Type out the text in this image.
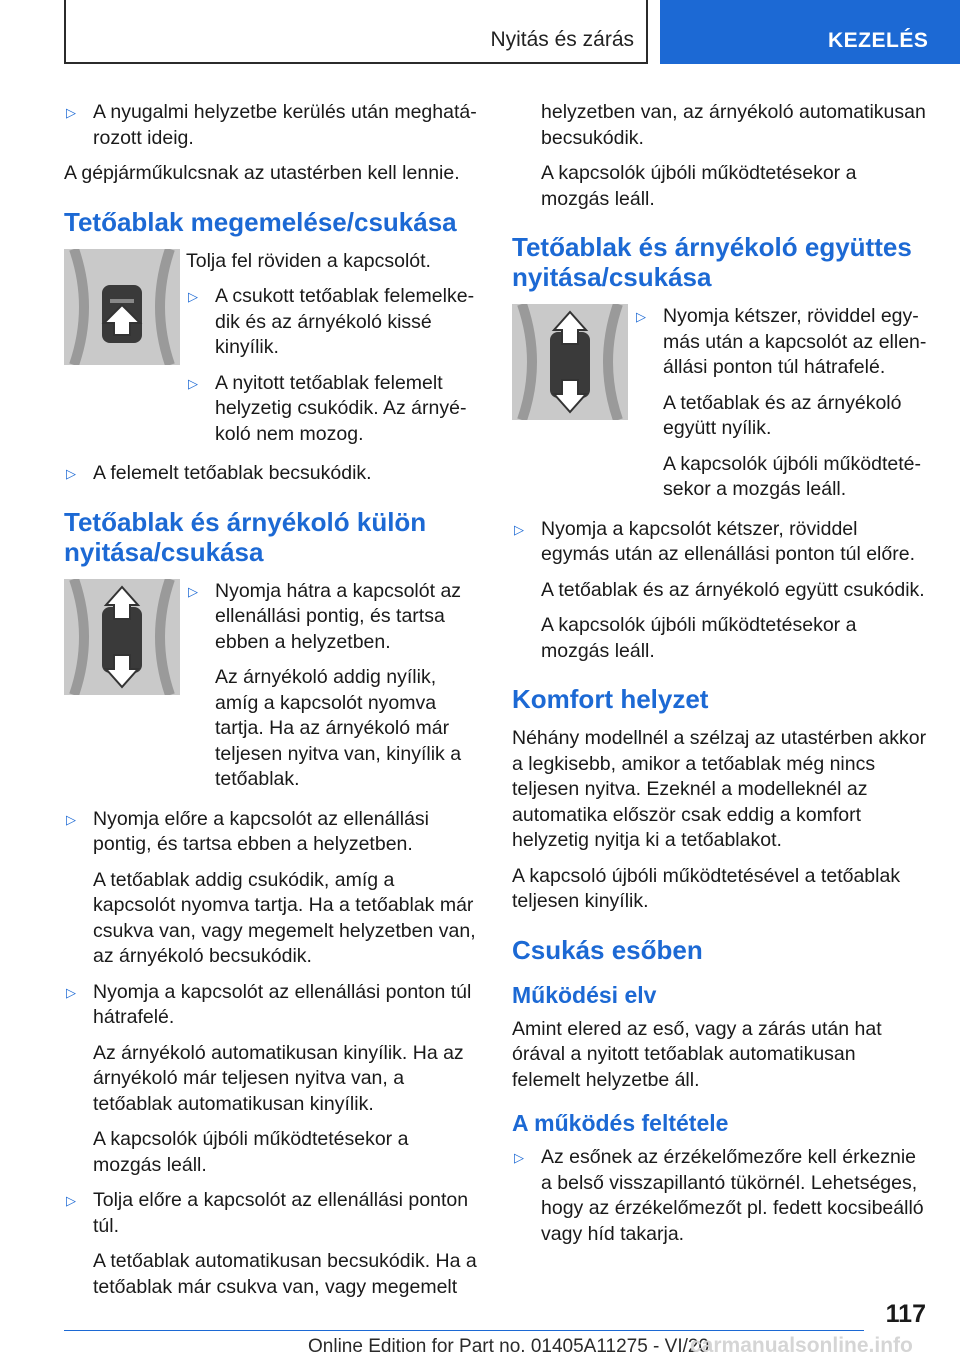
Nyitás és zárás	KEZELÉS
▷ A nyugalmi helyzetbe kerülés után meghatározott ideig.

A gépjárműkulcsnak az utastérben kell lennie.

Tetőablak megemelése/csukása

Tolja fel röviden a kapcsolót.

▷ A csukott tetőablak felemelkedik és az árnyékoló kissé kinyílik.

▷ A nyitott tetőablak felemelt helyzetig csukódik. Az árnyékoló nem mozog.

▷ A felemelt tetőablak becsukódik.

Tetőablak és árnyékoló külön nyitása/csukása
▷ Nyomja hátra a kapcsolót az ellenállási pontig, és tartsa ebben a helyzetben.

Az árnyékoló addig nyílik, amíg a kapcsolót nyomva tartja. Ha az árnyékoló már teljesen nyitva van, kinyílik a tetőablak.

▷ Nyomja előre a kapcsolót az ellenállási pontig, és tartsa ebben a helyzetben.

A tetőablak addig csukódik, amíg a kapcsolót nyomva tartja. Ha a tetőablak már csukva van, vagy megemelt helyzetben van, az árnyékoló becsukódik.

▷ Nyomja a kapcsolót az ellenállási ponton túl hátrafelé.

Az árnyékoló automatikusan kinyílik. Ha az árnyékoló már teljesen nyitva van, a tetőablak automatikusan kinyílik.

A kapcsolók újbóli működtetésekor a mozgás leáll.

▷ Tolja előre a kapcsolót az ellenállási ponton túl.

A tetőablak automatikusan becsukódik. Ha a tetőablak már csukva van, vagy megemelt

helyzetben van, az árnyékoló automatikusan becsukódik.

A kapcsolók újbóli működtetésekor a mozgás leáll.

Tetőablak és árnyékoló együttes nyitása/csukása
▷ Nyomja kétszer, röviddel egymás után a kapcsolót az ellenállási ponton túl hátrafelé.

A tetőablak és az árnyékoló együtt nyílik.

A kapcsolók újbóli működtetésekor a mozgás leáll.

▷ Nyomja a kapcsolót kétszer, röviddel egymás után az ellenállási ponton túl előre.

A tetőablak és az árnyékoló együtt csukódik.

A kapcsolók újbóli működtetésekor a mozgás leáll.

Komfort helyzet

Néhány modellnél a szélzaj az utastérben akkor a legkisebb, amikor a tetőablak még nincs teljesen nyitva. Ezeknél a modelleknél az automatika először csak eddig a komfort helyzetig nyitja ki a tetőablakot.

A kapcsoló újbóli működtetésével a tetőablak teljesen kinyílik.

Csukás esőben
Működési elv

Amint elered az eső, vagy a zárás után hat órával a nyitott tetőablak automatikusan felemelt helyzetbe áll.

A működés feltétele
▷ Az esőnek az érzékelőmezőre kell érkeznie a belső visszapillantó tükörnél. Lehetséges, hogy az érzékelőmezőt pl. fedett kocsibeálló vagy híd takarja.

117
Online Edition for Part no. 01405A11275 - VI/20
carmanualsonline.info
